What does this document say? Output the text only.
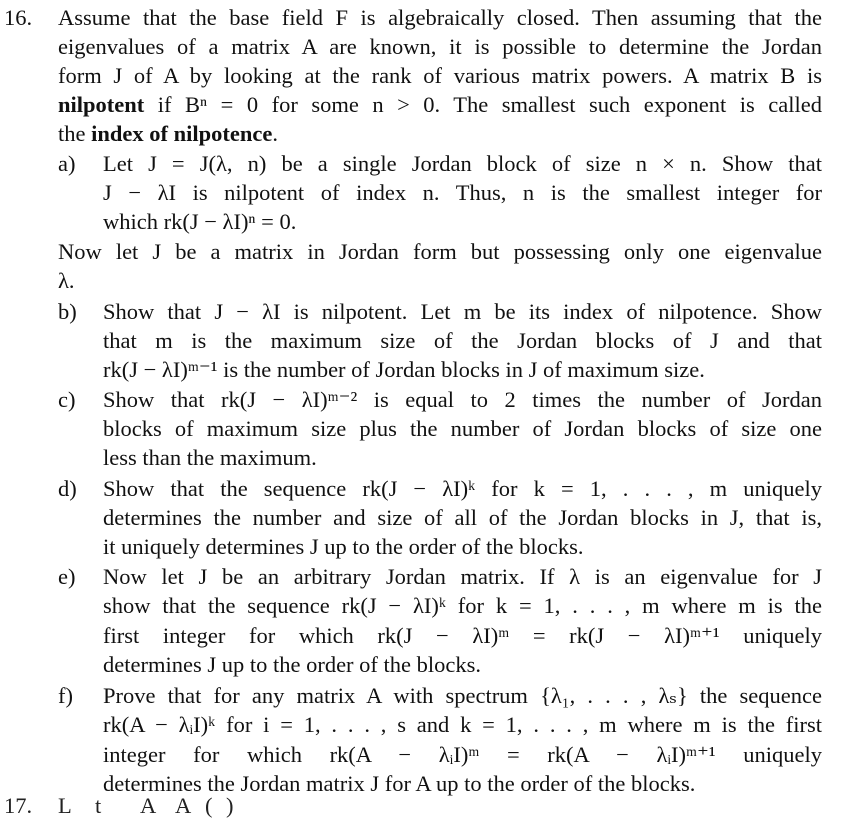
16. Assume that the base field F is algebraically closed. Then assuming that the
eigenvalues of a matrix A are known, it is possible to determine the Jordan
form J of A by looking at the rank of various matrix powers. A matrix B is
nilpotent if Bⁿ = 0 for some n > 0. The smallest such exponent is called
the index of nilpotence.
a) Let J = J(λ, n) be a single Jordan block of size n × n. Show that
J − λI is nilpotent of index n. Thus, n is the smallest integer for
which rk(J − λI)ⁿ = 0.
Now let J be a matrix in Jordan form but possessing only one eigenvalue
λ.
b) Show that J − λI is nilpotent. Let m be its index of nilpotence. Show
that m is the maximum size of the Jordan blocks of J and that
rk(J − λI)ᵐ⁻¹ is the number of Jordan blocks in J of maximum size.
c) Show that rk(J − λI)ᵐ⁻² is equal to 2 times the number of Jordan
blocks of maximum size plus the number of Jordan blocks of size one
less than the maximum.
d) Show that the sequence rk(J − λI)ᵏ for k = 1, . . . , m uniquely
determines the number and size of all of the Jordan blocks in J, that is,
it uniquely determines J up to the order of the blocks.
e) Now let J be an arbitrary Jordan matrix. If λ is an eigenvalue for J
show that the sequence rk(J − λI)ᵏ for k = 1, . . . , m where m is the
first integer for which rk(J − λI)ᵐ = rk(J − λI)ᵐ⁺¹ uniquely
determines J up to the order of the blocks.
f) Prove that for any matrix A with spectrum {λ₁, . . . , λₛ} the sequence
rk(A − λᵢI)ᵏ for i = 1, . . . , s and k = 1, . . . , m where m is the first
integer for which rk(A − λᵢI)ᵐ = rk(A − λᵢI)ᵐ⁺¹ uniquely
determines the Jordan matrix J for A up to the order of the blocks.
17. L t A A ( )
